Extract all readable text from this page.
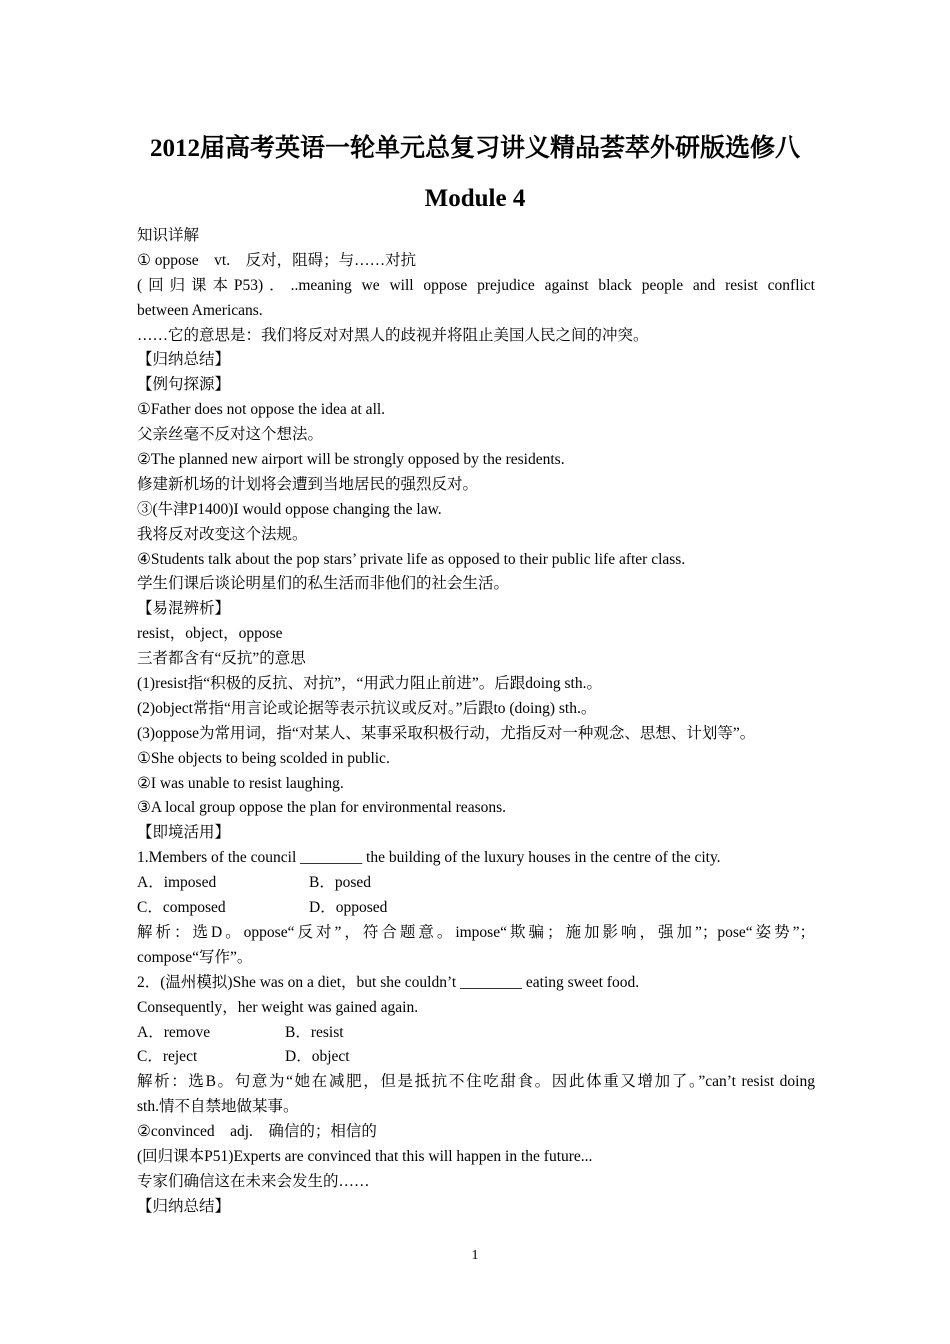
2012届高考英语一轮单元总复习讲义精品荟萃外研版选修八
Module 4
知识详解
① oppose　vt.　反对，阻碍；与……对抗
(回归课本P53)．..meaning we will oppose prejudice against black people and resist conflict
between Americans.
……它的意思是：我们将反对对黑人的歧视并将阻止美国人民之间的冲突。
【归纳总结】
【例句探源】
①Father does not oppose the idea at all.
父亲丝毫不反对这个想法。
②The planned new airport will be strongly opposed by the residents.
修建新机场的计划将会遭到当地居民的强烈反对。
③(牛津P1400)I would oppose changing the law.
我将反对改变这个法规。
④Students talk about the pop stars’ private life as opposed to their public life after class.
学生们课后谈论明星们的私生活而非他们的社会生活。
【易混辨析】
resist，object，oppose
三者都含有“反抗”的意思
(1)resist指“积极的反抗、对抗”，“用武力阻止前进”。后跟doing sth.。
(2)object常指“用言论或论据等表示抗议或反对。”后跟to (doing) sth.。
(3)oppose为常用词，指“对某人、某事采取积极行动，尤指反对一种观念、思想、计划等”。
①She objects to being scolded in public.
②I was unable to resist laughing.
③A local group oppose the plan for environmental reasons.
【即境活用】
1.Members of the council ________ the building of the luxury houses in the centre of the city.
A．imposed	B．posed
C．composed	D．opposed
解析：选D。oppose“反对”，符合题意。impose“欺骗；施加影响，强加”；pose“姿势”；
compose“写作”。
2．(温州模拟)She was on a diet，but she couldn’t ________ eating sweet food.
Consequently，her weight was gained again.
A．remove	B．resist
C．reject	D．object
解析：选B。句意为“她在减肥，但是抵抗不住吃甜食。因此体重又增加了。”can’t resist doing
sth.情不自禁地做某事。
②convinced　adj.　确信的；相信的
(回归课本P51)Experts are convinced that this will happen in the future...
专家们确信这在未来会发生的……
【归纳总结】
1
